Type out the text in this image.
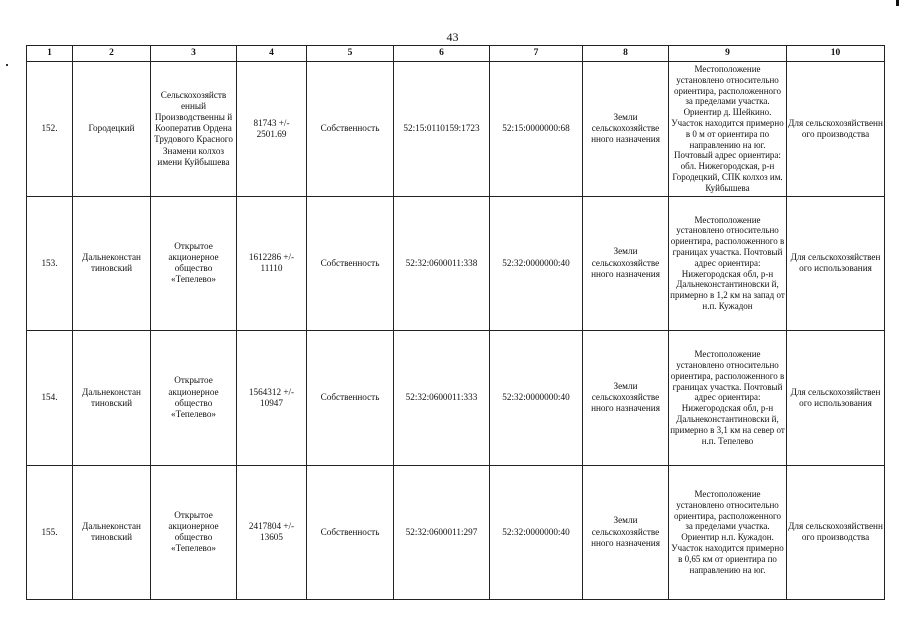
43
1	2	3	4	5	6	7	8	9	10
152.	Городецкий	Сельскохозяйств енный Производственны й Кооператив Ордена Трудового Красного Знамени колхоз имени Куйбышева	81743 +/- 2501.69	Собственность	52:15:0110159:1723	52:15:0000000:68	Земли сельскохозяйстве нного назначения	Местоположение установлено относительно ориентира, расположенного за пределами участка. Ориентир д. Шейкино. Участок находится примерно в 0 м от ориентира по направлению на юг. Почтовый адрес ориентира: обл. Нижегородская, р-н Городецкий, СПК колхоз им. Куйбышева	Для сельскохозяйственн ого производства
153.	Дальнеконстан тиновский	Открытое акционерное общество «Тепелево»	1612286 +/- 11110	Собственность	52:32:0600011:338	52:32:0000000:40	Земли сельскохозяйстве нного назначения	Местоположение установлено относительно ориентира, расположенного в границах участка. Почтовый адрес ориентира: Нижегородская обл, р-н Дальнеконстантиновски й, примерно в 1,2 км на запад от н.п. Кужадон	Для сельскохозяйствен ого использования
154.	Дальнеконстан тиновский	Открытое акционерное общество «Тепелево»	1564312 +/- 10947	Собственность	52:32:0600011:333	52:32:0000000:40	Земли сельскохозяйстве нного назначения	Местоположение установлено относительно ориентира, расположенного в границах участка. Почтовый адрес ориентира: Нижегородская обл, р-н Дальнеконстантиновски й, примерно в 3,1 км на север от н.п. Тепелево	Для сельскохозяйствен ого использования
155.	Дальнеконстан тиновский	Открытое акционерное общество «Тепелево»	2417804 +/- 13605	Собственность	52:32:0600011:297	52:32:0000000:40	Земли сельскохозяйстве нного назначения	Местоположение установлено относительно ориентира, расположенного за пределами участка. Ориентир н.п. Кужадон. Участок находится примерно в 0,65 км от ориентира по направлению на юг.	Для сельскохозяйственн ого производства
